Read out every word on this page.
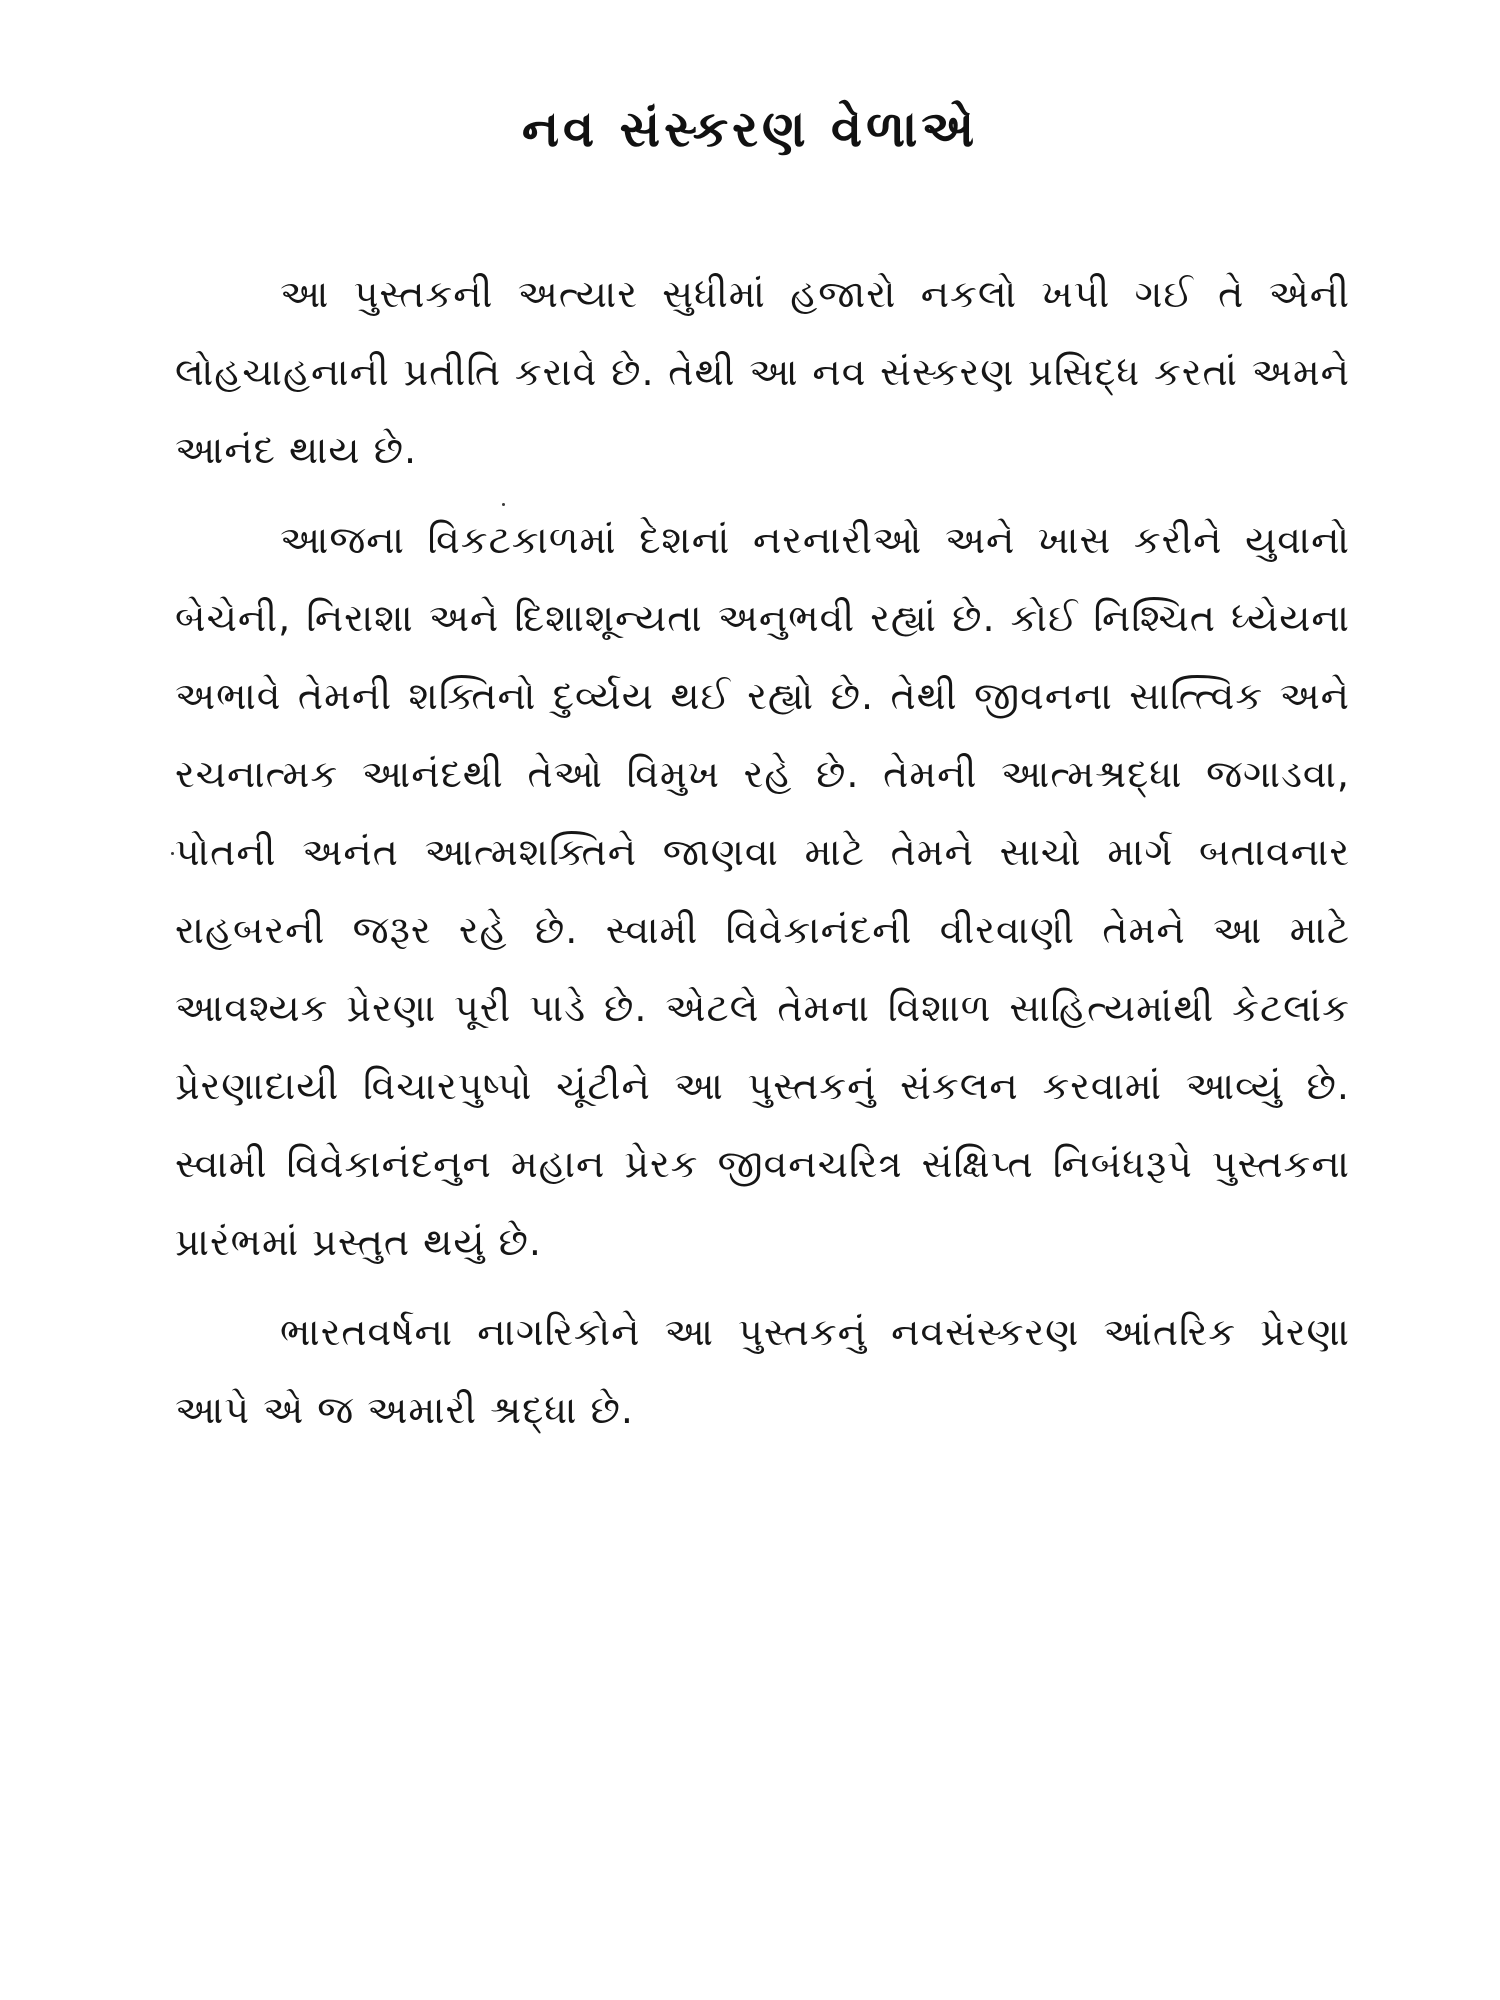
નવ સંસ્કરણ વેળાએ
આ પુસ્તકની અત્યાર સુધીમાં હજારો નકલો ખપી ગઈ તે એની
લોહચાહનાની પ્રતીતિ કરાવે છે. તેથી આ નવ સંસ્કરણ પ્રસિદ્ધ કરતાં અમને
આનંદ થાય છે.
આજના વિકટકાળમાં દેશનાં નરનારીઓ અને ખાસ કરીને યુવાનો
બેચેની, નિરાશા અને દિશાશૂન્યતા અનુભવી રહ્યાં છે. કોઈ નિશ્ચિત ધ્યેયના
અભાવે તેમની શક્તિનો દુર્વ્યય થઈ રહ્યો છે. તેથી જીવનના સાત્ત્વિક અને
રચનાત્મક આનંદથી તેઓ વિમુખ રહે છે. તેમની આત્મશ્રદ્ધા જગાડવા,
પોતની અનંત આત્મશક્તિને જાણવા માટે તેમને સાચો માર્ગ બતાવનાર
રાહબરની જરૂર રહે છે. સ્વામી વિવેકાનંદની વીરવાણી તેમને આ માટે
આવશ્યક પ્રેરણા પૂરી પાડે છે. એટલે તેમના વિશાળ સાહિત્યમાંથી કેટલાંક
પ્રેરણાદાયી વિચારપુષ્પો ચૂંટીને આ પુસ્તકનું સંકલન કરવામાં આવ્યું છે.
સ્વામી વિવેકાનંદનુન મહાન પ્રેરક જીવનચરિત્ર સંક્ષિપ્ત નિબંધરૂપે પુસ્તકના
પ્રારંભમાં પ્રસ્તુત થયું છે.
ભારતવર્ષના નાગરિકોને આ પુસ્તકનું નવસંસ્કરણ આંતરિક પ્રેરણા
આપે એ જ અમારી શ્રદ્ધા છે.
